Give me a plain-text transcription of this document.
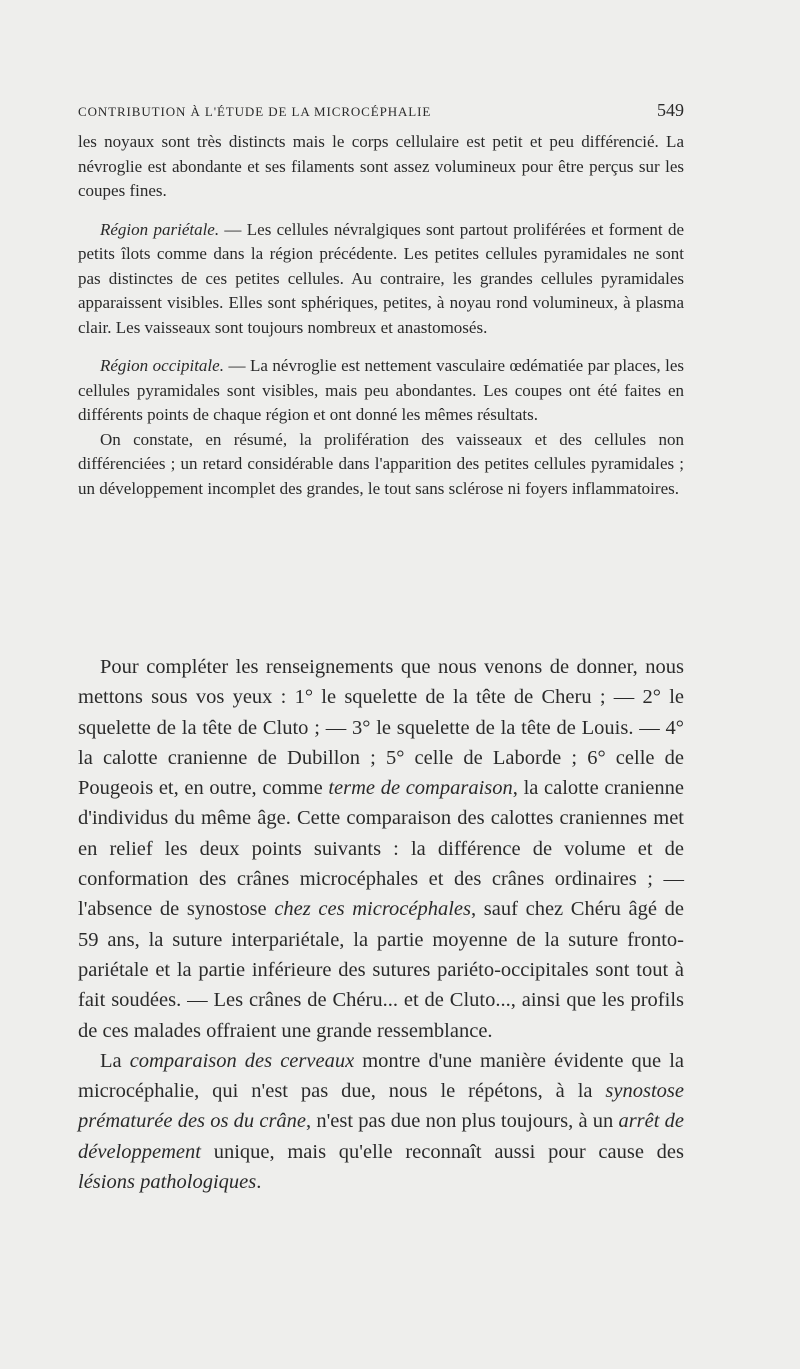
CONTRIBUTION À L'ÉTUDE DE LA MICROCÉPHALIE	549

les noyaux sont très distincts mais le corps cellulaire est petit et peu différencié. La névroglie est abondante et ses filaments sont assez volumineux pour être perçus sur les coupes fines.

Région pariétale. — Les cellules névralgiques sont partout proliférées et forment de petits îlots comme dans la région précédente. Les petites cellules pyramidales ne sont pas distinctes de ces petites cellules. Au contraire, les grandes cellules pyramidales apparaissent visibles. Elles sont sphériques, petites, à noyau rond volumineux, à plasma clair. Les vaisseaux sont toujours nombreux et anastomosés.

Région occipitale. — La névroglie est nettement vasculaire œdématiée par places, les cellules pyramidales sont visibles, mais peu abondantes. Les coupes ont été faites en différents points de chaque région et ont donné les mêmes résultats.

On constate, en résumé, la prolifération des vaisseaux et des cellules non différenciées ; un retard considérable dans l'apparition des petites cellules pyramidales ; un développement incomplet des grandes, le tout sans sclérose ni foyers inflammatoires.

Pour compléter les renseignements que nous venons de donner, nous mettons sous vos yeux : 1° le squelette de la tête de Cheru ; — 2° le squelette de la tête de Cluto ; — 3° le squelette de la tête de Louis. — 4° la calotte cranienne de Dubillon ; 5° celle de Laborde ; 6° celle de Pougeois et, en outre, comme terme de comparaison, la calotte cranienne d'individus du même âge. Cette comparaison des calottes craniennes met en relief les deux points suivants : la différence de volume et de conformation des crânes microcéphales et des crânes ordinaires ; — l'absence de synostose chez ces microcéphales, sauf chez Chéru âgé de 59 ans, la suture interpariétale, la partie moyenne de la suture fronto-pariétale et la partie inférieure des sutures pariéto-occipitales sont tout à fait soudées. — Les crânes de Chéru... et de Cluto..., ainsi que les profils de ces malades offraient une grande ressemblance.

La comparaison des cerveaux montre d'une manière évidente que la microcéphalie, qui n'est pas due, nous le répétons, à la synostose prématurée des os du crâne, n'est pas due non plus toujours, à un arrêt de développement unique, mais qu'elle reconnaît aussi pour cause des lésions pathologiques.
